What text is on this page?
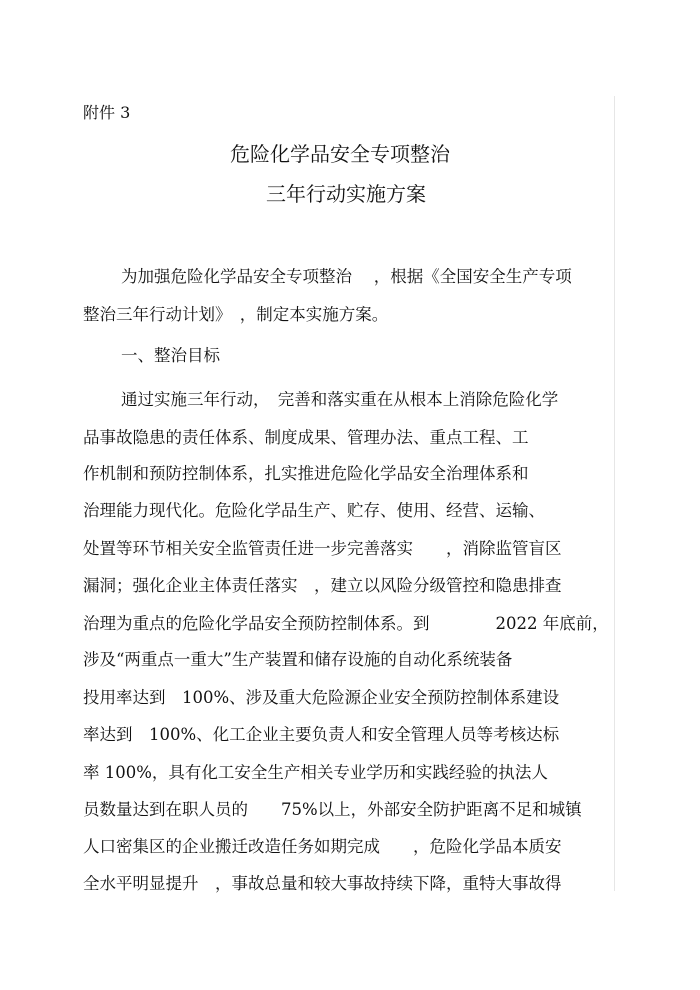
附件 3
危险化学品安全专项整治
三年行动实施方案
为加强危险化学品安全专项整治　 ，根据《全国安全生产专项
整治三年行动计划》　，制定本实施方案。
一、整治目标
通过实施三年行动，　完善和落实重在从根本上消除危险化学
品事故隐患的责任体系、制度成果、管理办法、重点工程、工
作机制和预防控制体系，扎实推进危险化学品安全治理体系和
治理能力现代化。危险化学品生产、贮存、使用、经营、运输、
处置等环节相关安全监管责任进一步完善落实　　，消除监管盲区
漏洞；强化企业主体责任落实　，建立以风险分级管控和隐患排查
治理为重点的危险化学品安全预防控制体系。到　　　　2022 年底前，
涉及“两重点一重大”生产装置和储存设施的自动化系统装备
投用率达到　100%、涉及重大危险源企业安全预防控制体系建设
率达到　100%、化工企业主要负责人和安全管理人员等考核达标
率 100%，具有化工安全生产相关专业学历和实践经验的执法人
员数量达到在职人员的　　75%以上，外部安全防护距离不足和城镇
人口密集区的企业搬迁改造任务如期完成　　，危险化学品本质安
全水平明显提升　，事故总量和较大事故持续下降，重特大事故得
